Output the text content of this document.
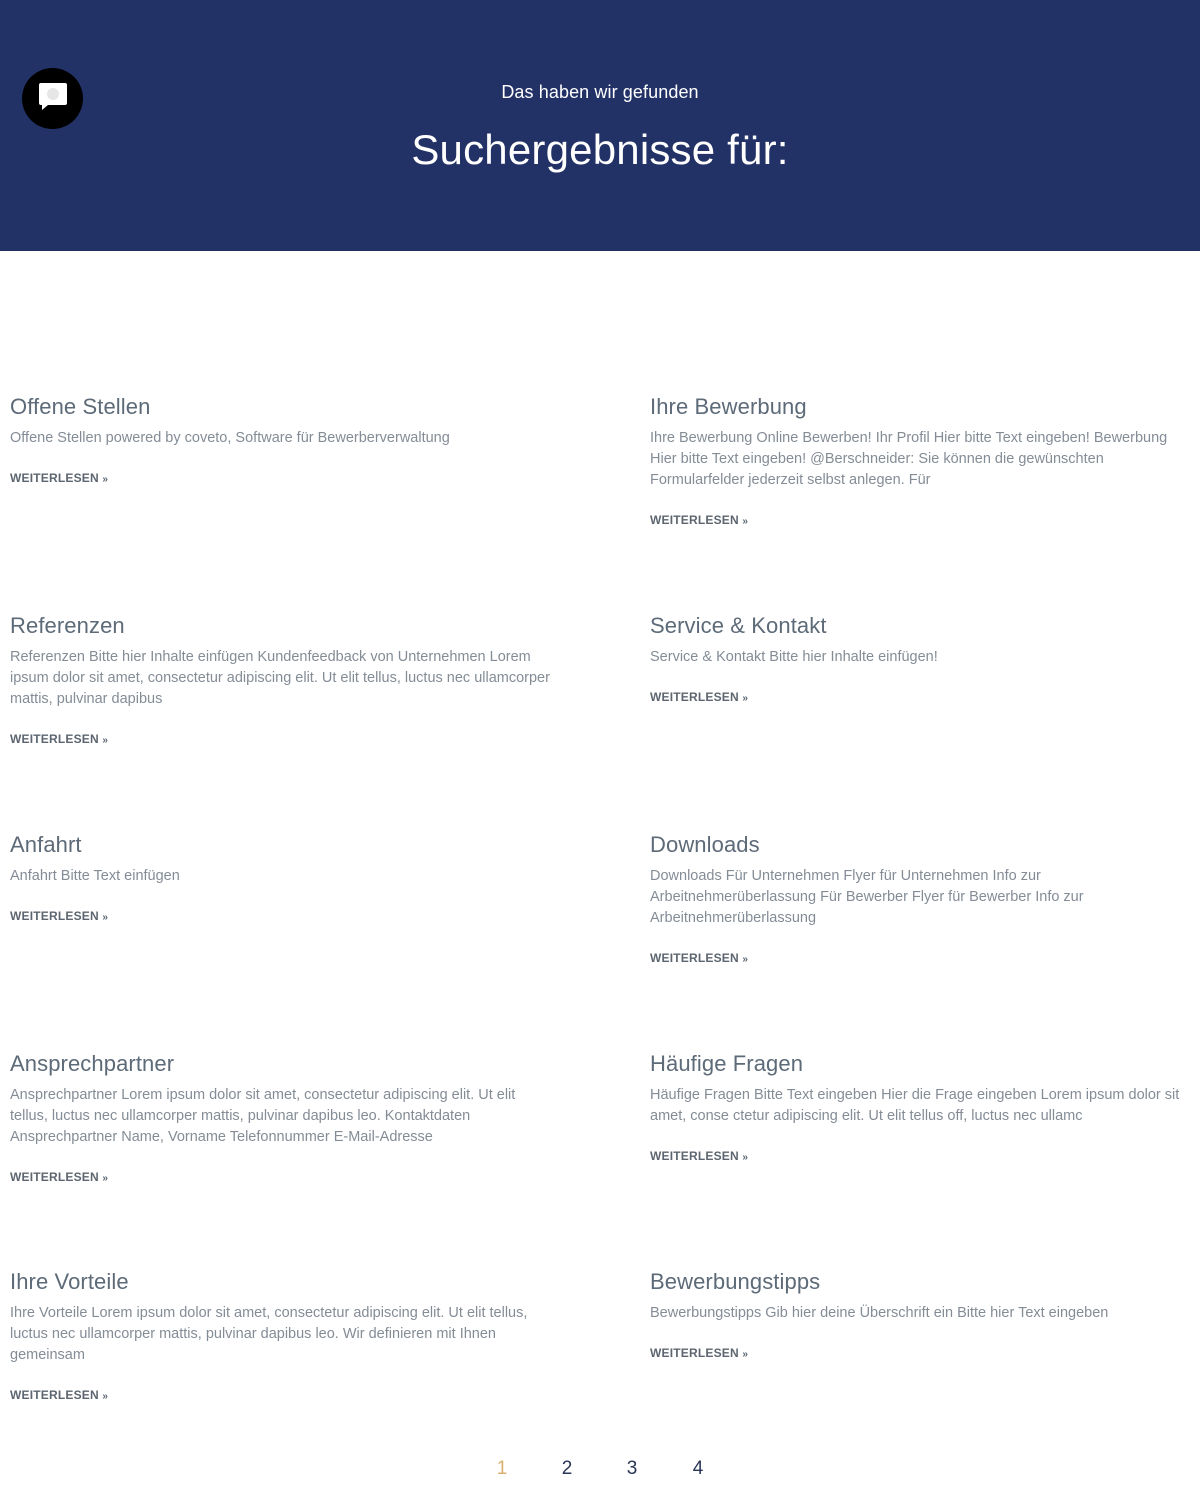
Das haben wir gefunden
Suchergebnisse für:
Offene Stellen

Offene Stellen powered by coveto, Software für Bewerberverwaltung

WEITERLESEN »
Ihre Bewerbung

Ihre Bewerbung Online Bewerben! Ihr Profil Hier bitte Text eingeben! Bewerbung Hier bitte Text eingeben! @Berschneider: Sie können die gewünschten Formularfelder jederzeit selbst anlegen. Für

WEITERLESEN »
Referenzen

Referenzen Bitte hier Inhalte einfügen Kundenfeedback von Unternehmen Lorem ipsum dolor sit amet, consectetur adipiscing elit. Ut elit tellus, luctus nec ullamcorper mattis, pulvinar dapibus

WEITERLESEN »
Service & Kontakt

Service & Kontakt Bitte hier Inhalte einfügen!

WEITERLESEN »
Anfahrt

Anfahrt Bitte Text einfügen

WEITERLESEN »
Downloads

Downloads Für Unternehmen Flyer für Unternehmen Info zur Arbeitnehmerüberlassung Für Bewerber Flyer für Bewerber Info zur Arbeitnehmerüberlassung

WEITERLESEN »
Ansprechpartner

Ansprechpartner Lorem ipsum dolor sit amet, consectetur adipiscing elit. Ut elit tellus, luctus nec ullamcorper mattis, pulvinar dapibus leo. Kontaktdaten Ansprechpartner Name, Vorname Telefonnummer E-Mail-Adresse

WEITERLESEN »
Häufige Fragen

Häufige Fragen Bitte Text eingeben Hier die Frage eingeben Lorem ipsum dolor sit amet, conse ctetur adipiscing elit. Ut elit tellus off, luctus nec ullamc

WEITERLESEN »
Ihre Vorteile

Ihre Vorteile Lorem ipsum dolor sit amet, consectetur adipiscing elit. Ut elit tellus, luctus nec ullamcorper mattis, pulvinar dapibus leo. Wir definieren mit Ihnen gemeinsam

WEITERLESEN »
Bewerbungstipps

Bewerbungstipps Gib hier deine Überschrift ein Bitte hier Text eingeben

WEITERLESEN »
1	2	3	4
